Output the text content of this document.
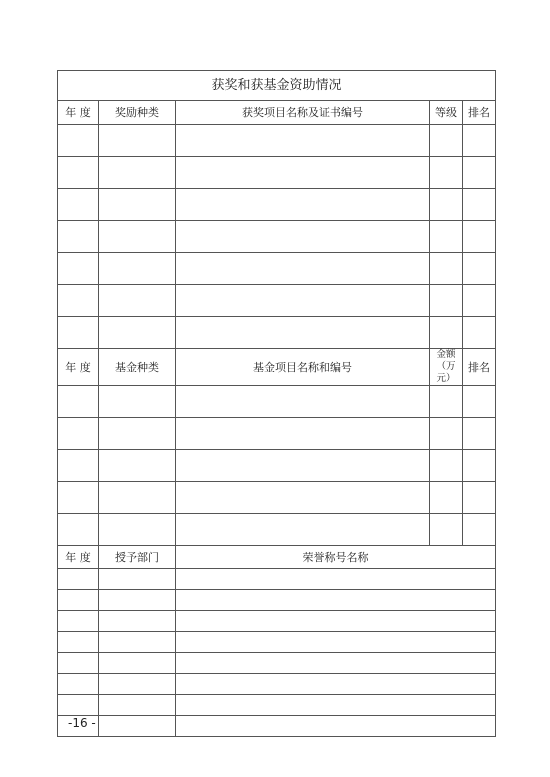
获奖和获基金资助情况				
年 度	奖励种类	获奖项目名称及证书编号	等级	排名

年 度	基金种类	基金项目名称和编号	金额
（万元）	排名

年 度	授予部门	荣誉称号名称		

-16 -
